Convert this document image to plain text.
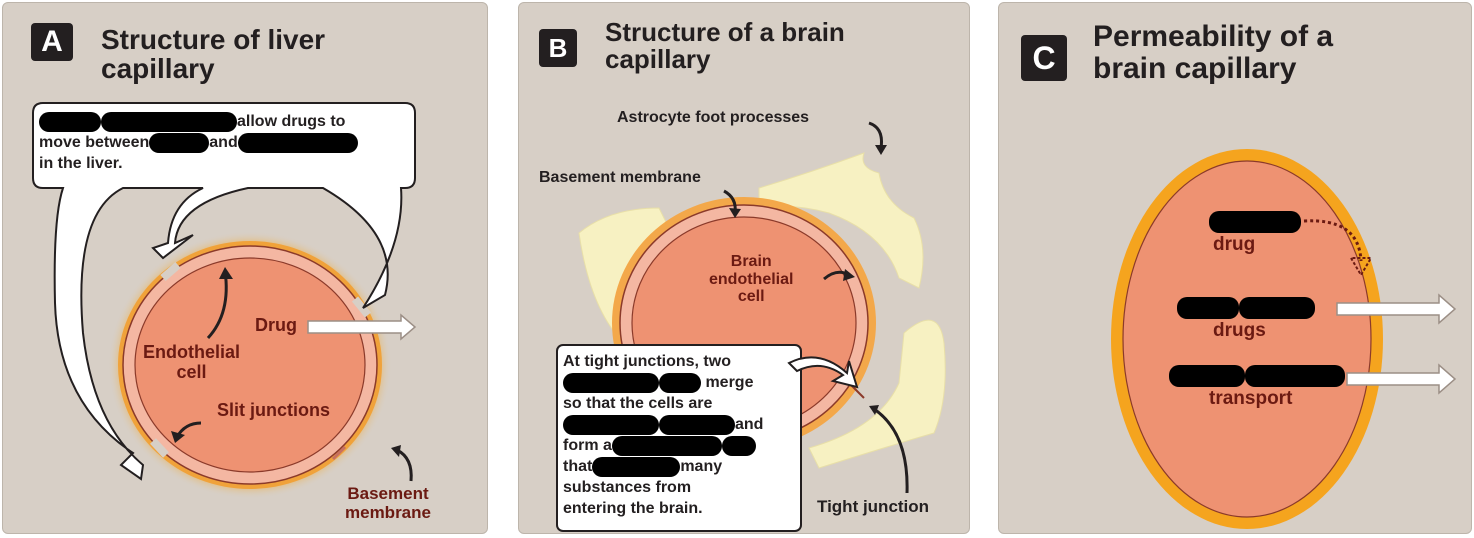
A	Structure of liver
capillary
allow drugs to
move between	and
in the liver.
Drug
Endothelial
cell
Slit junctions
Basement
membrane
B
Structure of a brain
capillary
Astrocyte foot processes
Basement membrane
Brain
endothelial
cell
At tight junctions, two
merge
so that the cells are
and
form a
that	many
substances from
entering the brain.	Tight junction
C
Permeability of a
brain capillary
drug
drugs
transport
